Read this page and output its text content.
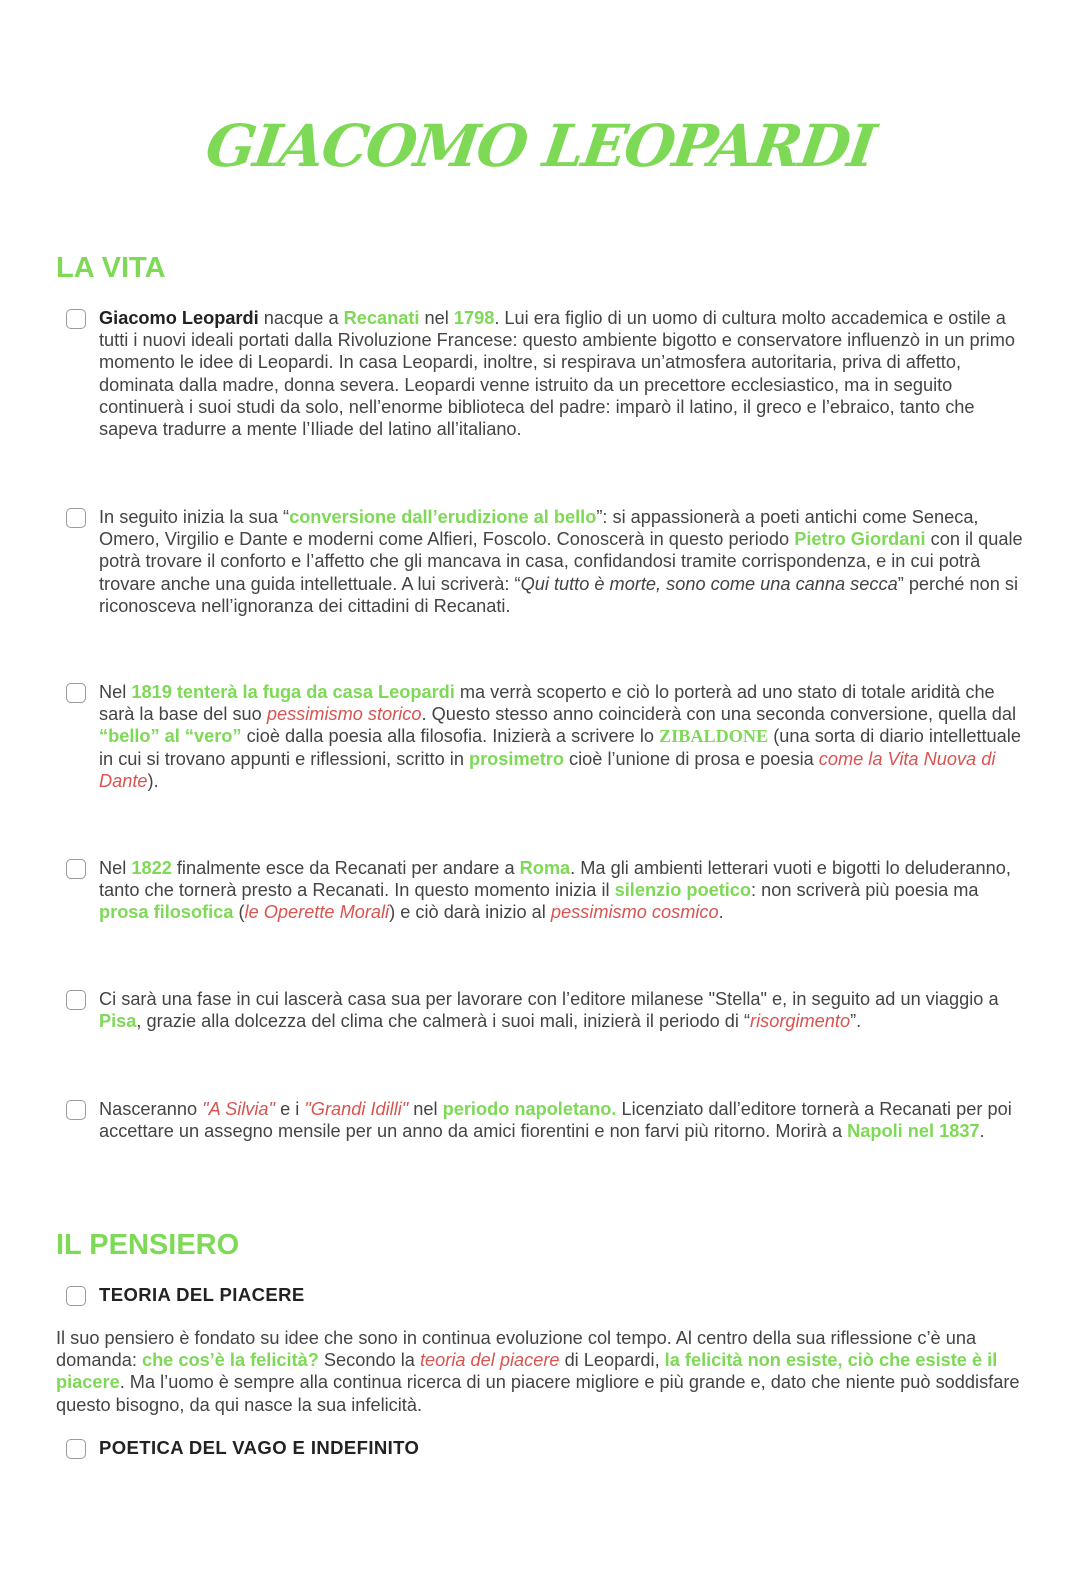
GIACOMO LEOPARDI
LA VITA
Giacomo Leopardi nacque a Recanati nel 1798. Lui era figlio di un uomo di cultura molto accademica e ostile a tutti i nuovi ideali portati dalla Rivoluzione Francese: questo ambiente bigotto e conservatore influenzò in un primo momento le idee di Leopardi. In casa Leopardi, inoltre, si respirava un’atmosfera autoritaria, priva di affetto, dominata dalla madre, donna severa. Leopardi venne istruito da un precettore ecclesiastico, ma in seguito continuerà i suoi studi da solo, nell’enorme biblioteca del padre: imparò il latino, il greco e l’ebraico, tanto che sapeva tradurre a mente l’Iliade del latino all’italiano.
In seguito inizia la sua “conversione dall’erudizione al bello”: si appassionerà a poeti antichi come Seneca, Omero, Virgilio e Dante e moderni come Alfieri, Foscolo. Conoscerà in questo periodo Pietro Giordani con il quale potrà trovare il conforto e l’affetto che gli mancava in casa, confidandosi tramite corrispondenza, e in cui potrà trovare anche una guida intellettuale. A lui scriverà: “Qui tutto è morte, sono come una canna secca” perché non si riconosceva nell’ignoranza dei cittadini di Recanati.
Nel 1819 tenterà la fuga da casa Leopardi ma verrà scoperto e ciò lo porterà ad uno stato di totale aridità che sarà la base del suo pessimismo storico. Questo stesso anno coinciderà con una seconda conversione, quella dal “bello” al “vero” cioè dalla poesia alla filosofia. Inizierà a scrivere lo ZIBALDONE (una sorta di diario intellettuale in cui si trovano appunti e riflessioni, scritto in prosimetro cioè l’unione di prosa e poesia come la Vita Nuova di Dante).
Nel 1822 finalmente esce da Recanati per andare a Roma. Ma gli ambienti letterari vuoti e bigotti lo deluderanno, tanto che tornerà presto a Recanati. In questo momento inizia il silenzio poetico: non scriverà più poesia ma prosa filosofica (le Operette Morali) e ciò darà inizio al pessimismo cosmico.
Ci sarà una fase in cui lascerà casa sua per lavorare con l’editore milanese "Stella" e, in seguito ad un viaggio a Pisa, grazie alla dolcezza del clima che calmerà i suoi mali, inizierà il periodo di “risorgimento”.
Nasceranno "A Silvia" e i "Grandi Idilli" nel periodo napoletano. Licenziato dall’editore tornerà a Recanati per poi accettare un assegno mensile per un anno da amici fiorentini e non farvi più ritorno. Morirà a Napoli nel 1837.
IL PENSIERO
TEORIA DEL PIACERE

Il suo pensiero è fondato su idee che sono in continua evoluzione col tempo. Al centro della sua riflessione c’è una domanda: che cos’è la felicità? Secondo la teoria del piacere di Leopardi, la felicità non esiste, ciò che esiste è il piacere. Ma l’uomo è sempre alla continua ricerca di un piacere migliore e più grande e, dato che niente può soddisfare questo bisogno, da qui nasce la sua infelicità.

POETICA DEL VAGO E INDEFINITO
